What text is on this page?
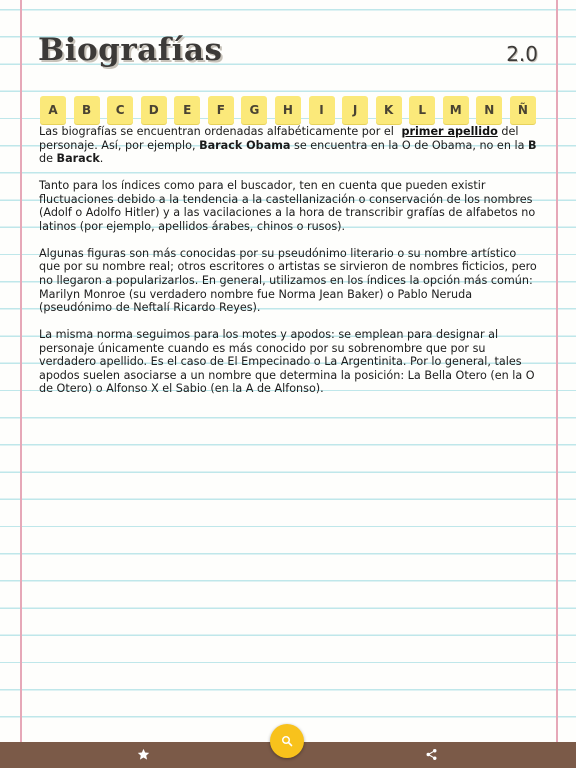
Biografías	2.0
A	B	C	D	E	F	G	H	I	J	K	L	M	N	Ñ

Las biografías se encuentran ordenadas alfabéticamente por el primer apellido del personaje. Así, por ejemplo, Barack Obama se encuentra en la O de Obama, no en la B de Barack.

Tanto para los índices como para el buscador, ten en cuenta que pueden existir fluctuaciones debido a la tendencia a la castellanización o conservación de los nombres (Adolf o Adolfo Hitler) y a las vacilaciones a la hora de transcribir grafías de alfabetos no latinos (por ejemplo, apellidos árabes, chinos o rusos).

Algunas figuras son más conocidas por su pseudónimo literario o su nombre artístico que por su nombre real; otros escritores o artistas se sirvieron de nombres ficticios, pero no llegaron a popularizarlos. En general, utilizamos en los índices la opción más común: Marilyn Monroe (su verdadero nombre fue Norma Jean Baker) o Pablo Neruda (pseudónimo de Neftalí Ricardo Reyes).

La misma norma seguimos para los motes y apodos: se emplean para designar al personaje únicamente cuando es más conocido por su sobrenombre que por su verdadero apellido. Es el caso de El Empecinado o La Argentinita. Por lo general, tales apodos suelen asociarse a un nombre que determina la posición: La Bella Otero (en la O de Otero) o Alfonso X el Sabio (en la A de Alfonso).
